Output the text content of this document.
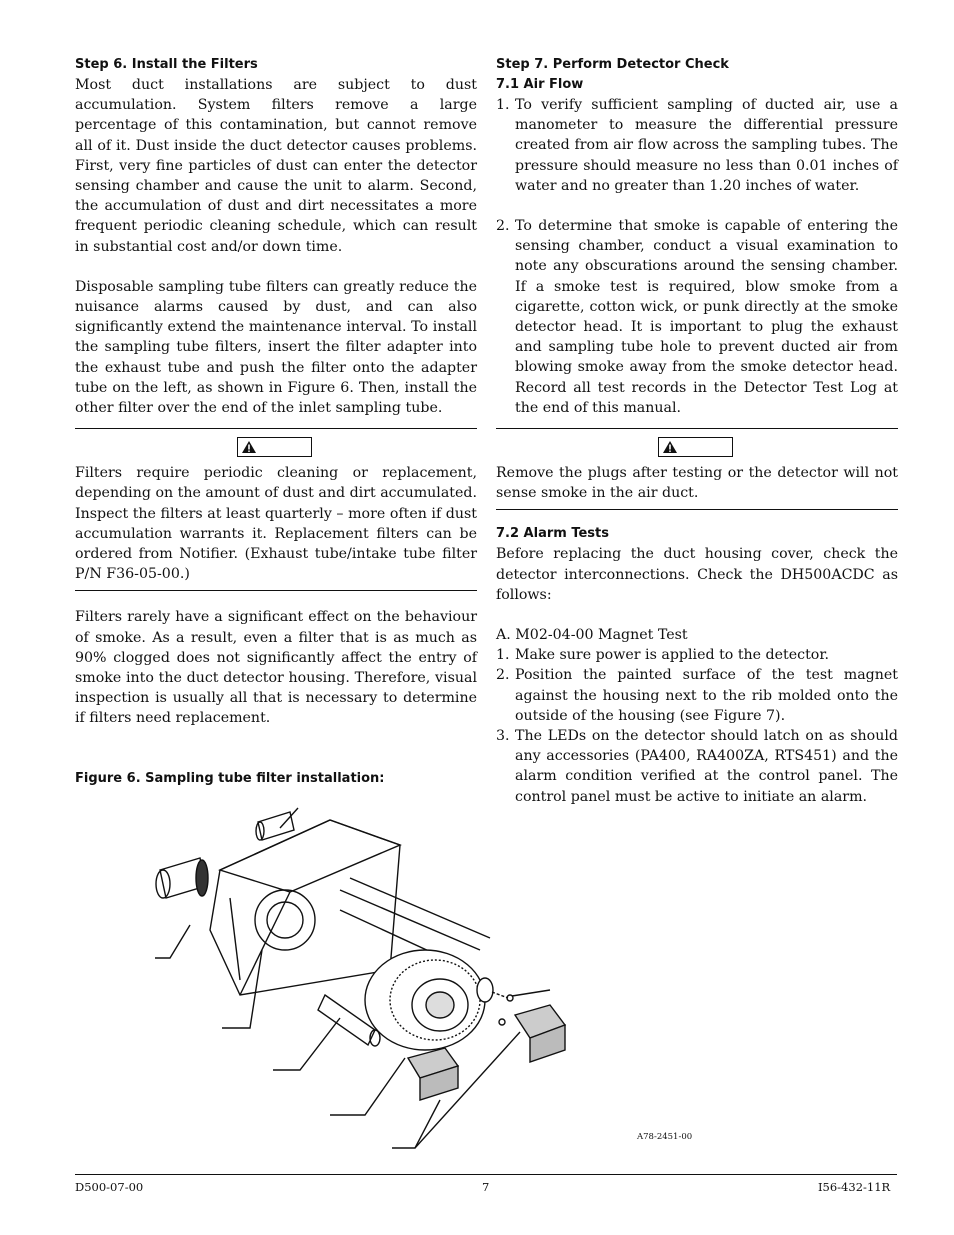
Step 6. Install the Filters

Most duct installations are subject to dust accumulation. System filters remove a large percentage of this contamination, but cannot remove all of it. Dust inside the duct detector causes problems. First, very fine particles of dust can enter the detector sensing chamber and cause the unit to alarm. Second, the accumulation of dust and dirt necessitates a more frequent periodic cleaning schedule, which can result in substantial cost and/or down time.

Disposable sampling tube filters can greatly reduce the nuisance alarms caused by dust, and can also significantly extend the maintenance interval. To install the sampling tube filters, insert the filter adapter into the exhaust tube and push the filter onto the adapter tube on the left, as shown in Figure 6. Then, install the other filter over the end of the inlet sampling tube.

Filters require periodic cleaning or replacement, depending on the amount of dust and dirt accumulated. Inspect the filters at least quarterly – more often if dust accumulation warrants it. Replacement filters can be ordered from Notifier. (Exhaust tube/intake tube filter P/N F36-05-00.)

Filters rarely have a significant effect on the behaviour of smoke. As a result, even a filter that is as much as 90% clogged does not significantly affect the entry of smoke into the duct detector housing. Therefore, visual inspection is usually all that is necessary to determine if filters need replacement.

Step 7. Perform Detector Check

7.1 Air Flow

1. To verify sufficient sampling of ducted air, use a manometer to measure the differential pressure created from air flow across the sampling tubes. The pressure should measure no less than 0.01 inches of water and no greater than 1.20 inches of water.
2. To determine that smoke is capable of entering the sensing chamber, conduct a visual examination to note any obscurations around the sensing chamber. If a smoke test is required, blow smoke from a cigarette, cotton wick, or punk directly at the smoke detector head. It is important to plug the exhaust and sampling tube hole to prevent ducted air from blowing smoke away from the smoke detector head. Record all test records in the Detector Test Log at the end of this manual.

Remove the plugs after testing or the detector will not sense smoke in the air duct.

7.2 Alarm Tests

Before replacing the duct housing cover, check the detector interconnections. Check the DH500ACDC as follows:

A. M02-04-00 Magnet Test

1. Make sure power is applied to the detector.
2. Position the painted surface of the test magnet against the housing next to the rib molded onto the outside of the housing (see Figure 7).
3. The LEDs on the detector should latch on as should any accessories (PA400, RA400ZA, RTS451) and the alarm condition verified at the control panel. The control panel must be active to initiate an alarm.
Figure 6. Sampling tube filter installation:
A78-2451-00
D500-07-00	7	I56-432-11R
